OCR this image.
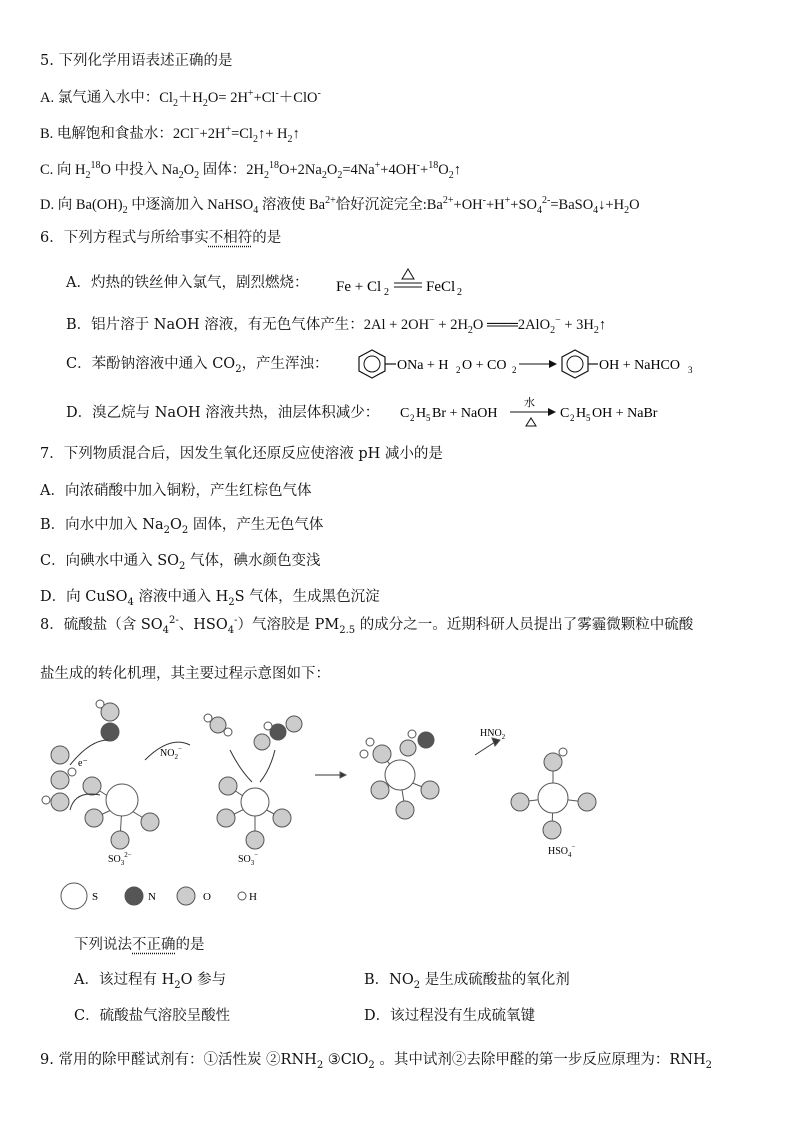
5. 下列化学用语表述正确的是
A. 氯气通入水中：$Cl_2+H_2O= 2H^++Cl^-+ClO^-$
B. 电解饱和食盐水：$2Cl^-+2H^+=Cl_2↑+$ $H_2↑$
C. 向 $H_2^{18}O$ 中投入 $Na_2O_2$ 固体：$2H_2^{18}O+2Na_2O_2=4Na^++4OH^-+^{18}O_2↑$
D. 向 $Ba(OH)_2$ 中逐滴加入 NaHSO$_4$ 溶液使 $Ba^{2+}$恰好沉淀完全$:Ba^{2+}+OH^-+H^++SO_4^{2-}=BaSO_4↓+H_2O$
6．下列方程式与所给事实不相符的是
A．灼热的铁丝伸入氯气，剧烈燃烧： Fe + Cl 2 FeCl 2
B．铝片溶于 NaOH 溶液，有无色气体产生：$2Al + 2OH^- + 2H_2O$ ═══2AlO$_2$− + $3H_2↑$
C．苯酚钠溶液中通入 $CO_2$，产生浑浊：	ONa + H 2 O + CO 2	OH + NaHCO 3
D．溴乙烷与 NaOH 溶液共热，油层体积减少： C 2 H 5 Br + NaOH
水
C 2 H 5 OH + NaBr
7．下列物质混合后，因发生氧化还原反应使溶液 pH 减小的是
A．向浓硝酸中加入铜粉，产生红棕色气体
B．向水中加入 $Na_2O_2$ 固体，产生无色气体
C．向碘水中通入 $SO_2$ 气体，碘水颜色变浅
D．向 CuSO$_4$ 溶液中通入 $H_2S$ 气体，生成黑色沉淀
8．硫酸盐（含 $SO_4^{2-}$、$HSO_4^-$）气溶胶是 $PM_{2.5}$ 的成分之一。近期科研人员提出了雾霾微颗粒中硫酸
盐生成的转化机理，其主要过程示意图如下：
e⁻
$NO_2^-$
$HNO_2$
$SO_3^{2-}$	$SO_3^-$	$HSO_4^-$
S	N	O	H
下列说法不正确的是
A．该过程有 $H_2O$ 参与	B．$NO_2$ 是生成硫酸盐的氧化剂
C．硫酸盐气溶胶呈酸性	D．该过程没有生成硫氧键
9. 常用的除甲醛试剂有：①活性炭 $②RNH_2$ ③ClO$_2$ 。其中试剂②去除甲醛的第一步反应原理为：$RNH_2$
